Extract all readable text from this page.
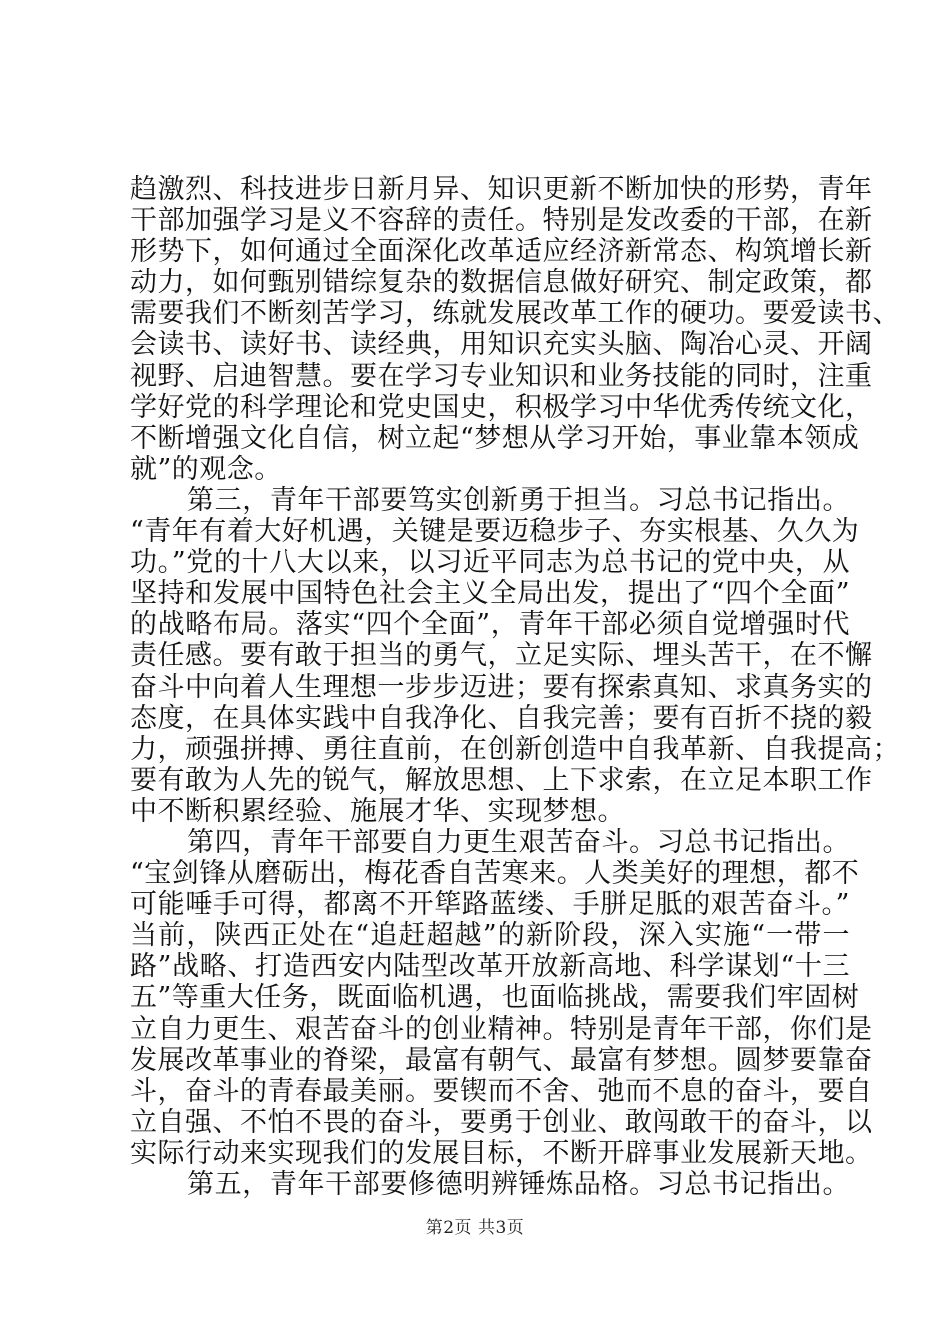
趋激烈、科技进步日新月异、知识更新不断加快的形势，青年
干部加强学习是义不容辞的责任。特别是发改委的干部，在新
形势下，如何通过全面深化改革适应经济新常态、构筑增长新
动力，如何甄别错综复杂的数据信息做好研究、制定政策，都
需要我们不断刻苦学习，练就发展改革工作的硬功。要爱读书、
会读书、读好书、读经典，用知识充实头脑、陶冶心灵、开阔
视野、启迪智慧。要在学习专业知识和业务技能的同时，注重
学好党的科学理论和党史国史，积极学习中华优秀传统文化，
不断增强文化自信，树立起“梦想从学习开始，事业靠本领成
就”的观念。
第三，青年干部要笃实创新勇于担当。习总书记指出。
“青年有着大好机遇，关键是要迈稳步子、夯实根基、久久为
功。”党的十八大以来，以习近平同志为总书记的党中央，从
坚持和发展中国特色社会主义全局出发，提出了“四个全面”
的战略布局。落实“四个全面”，青年干部必须自觉增强时代
责任感。要有敢于担当的勇气，立足实际、埋头苦干，在不懈
奋斗中向着人生理想一步步迈进；要有探索真知、求真务实的
态度，在具体实践中自我净化、自我完善；要有百折不挠的毅
力，顽强拼搏、勇往直前，在创新创造中自我革新、自我提高；
要有敢为人先的锐气，解放思想、上下求索，在立足本职工作
中不断积累经验、施展才华、实现梦想。
第四，青年干部要自力更生艰苦奋斗。习总书记指出。
“宝剑锋从磨砺出，梅花香自苦寒来。人类美好的理想，都不
可能唾手可得，都离不开筚路蓝缕、手胼足胝的艰苦奋斗。”
当前，陕西正处在“追赶超越”的新阶段，深入实施“一带一
路”战略、打造西安内陆型改革开放新高地、科学谋划“十三
五”等重大任务，既面临机遇，也面临挑战，需要我们牢固树
立自力更生、艰苦奋斗的创业精神。特别是青年干部，你们是
发展改革事业的脊梁，最富有朝气、最富有梦想。圆梦要靠奋
斗，奋斗的青春最美丽。要锲而不舍、弛而不息的奋斗，要自
立自强、不怕不畏的奋斗，要勇于创业、敢闯敢干的奋斗，以
实际行动来实现我们的发展目标，不断开辟事业发展新天地。
第五，青年干部要修德明辨锤炼品格。习总书记指出。
第2页 共3页
